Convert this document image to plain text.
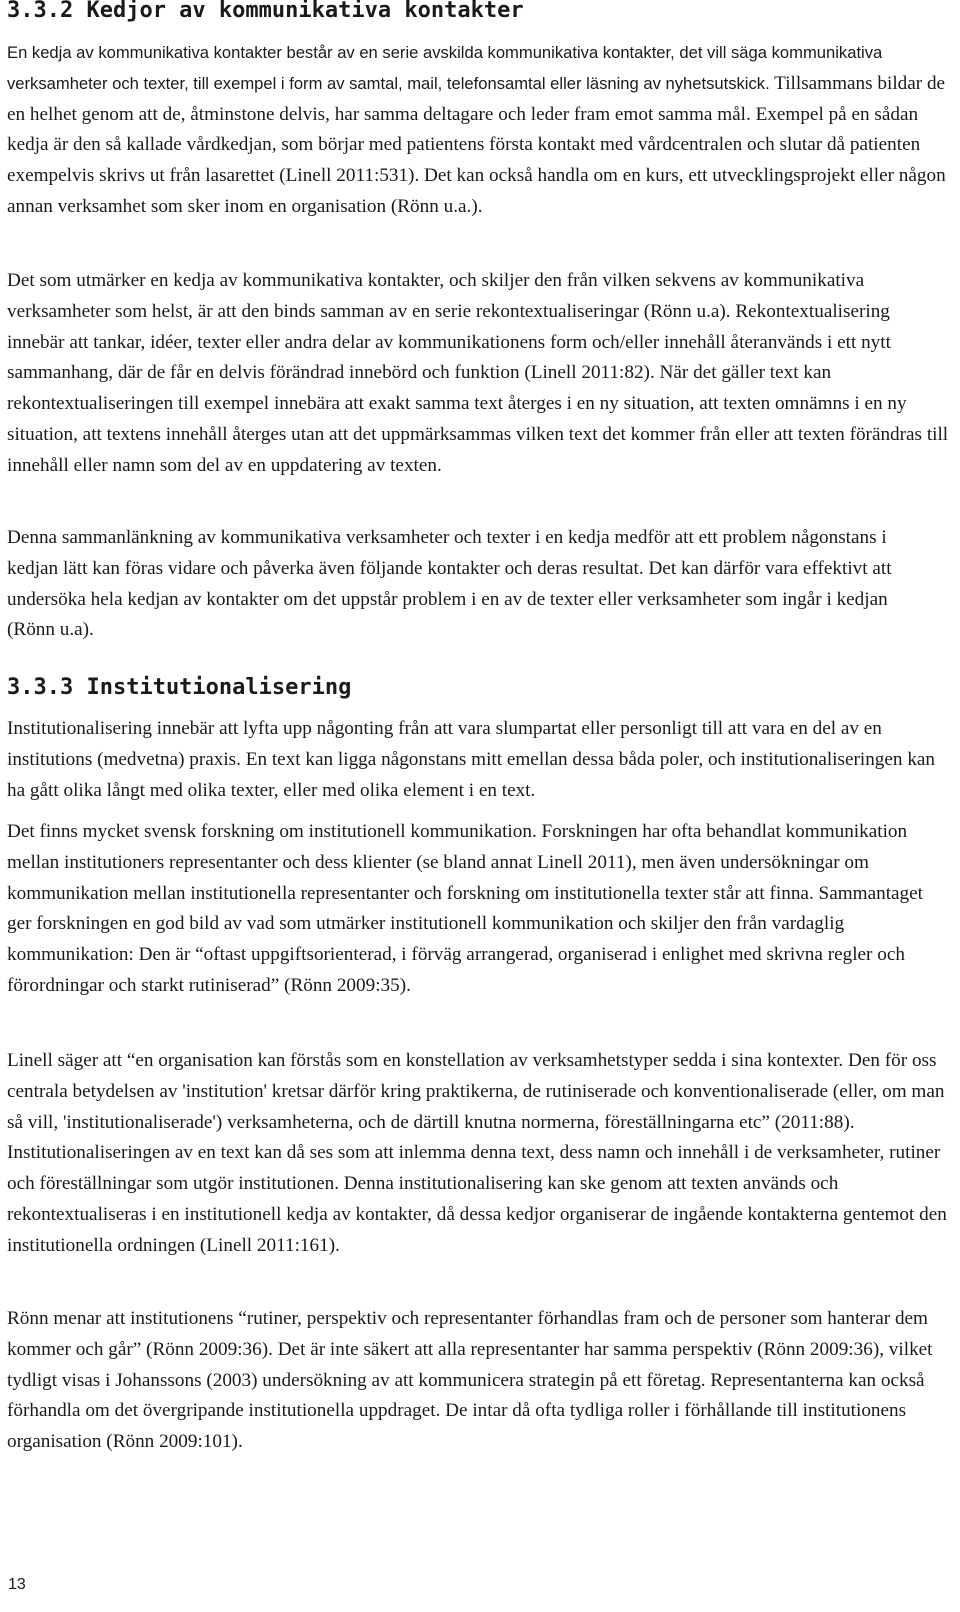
3.3.2 Kedjor av kommunikativa kontakter

En kedja av kommunikativa kontakter består av en serie avskilda kommunikativa kontakter, det vill säga kommunikativa verksamheter och texter, till exempel i form av samtal, mail, telefonsamtal eller läsning av nyhetsutskick. Tillsammans bildar de en helhet genom att de, åtminstone delvis, har samma deltagare och leder fram emot samma mål. Exempel på en sådan kedja är den så kallade vårdkedjan, som börjar med patientens första kontakt med vårdcentralen och slutar då patienten exempelvis skrivs ut från lasarettet (Linell 2011:531). Det kan också handla om en kurs, ett utvecklingsprojekt eller någon annan verksamhet som sker inom en organisation (Rönn u.a.).

Det som utmärker en kedja av kommunikativa kontakter, och skiljer den från vilken sekvens av kommunikativa verksamheter som helst, är att den binds samman av en serie rekontextualiseringar (Rönn u.a). Rekontextualisering innebär att tankar, idéer, texter eller andra delar av kommunikationens form och/eller innehåll återanvänds i ett nytt sammanhang, där de får en delvis förändrad innebörd och funktion (Linell 2011:82). När det gäller text kan rekontextualiseringen till exempel innebära att exakt samma text återges i en ny situation, att texten omnämns i en ny situation, att textens innehåll återges utan att det uppmärksammas vilken text det kommer från eller att texten förändras till innehåll eller namn som del av en uppdatering av texten.

Denna sammanlänkning av kommunikativa verksamheter och texter i en kedja medför att ett problem någonstans i kedjan lätt kan föras vidare och påverka även följande kontakter och deras resultat. Det kan därför vara effektivt att undersöka hela kedjan av kontakter om det uppstår problem i en av de texter eller verksamheter som ingår i kedjan (Rönn u.a).

3.3.3 Institutionalisering

Institutionalisering innebär att lyfta upp någonting från att vara slumpartat eller personligt till att vara en del av en institutions (medvetna) praxis. En text kan ligga någonstans mitt emellan dessa båda poler, och institutionaliseringen kan ha gått olika långt med olika texter, eller med olika element i en text.

Det finns mycket svensk forskning om institutionell kommunikation. Forskningen har ofta behandlat kommunikation mellan institutioners representanter och dess klienter (se bland annat Linell 2011), men även undersökningar om kommunikation mellan institutionella representanter och forskning om institutionella texter står att finna. Sammantaget ger forskningen en god bild av vad som utmärker institutionell kommunikation och skiljer den från vardaglig kommunikation: Den är “oftast uppgiftsorienterad, i förväg arrangerad, organiserad i enlighet med skrivna regler och förordningar och starkt rutiniserad” (Rönn 2009:35).

Linell säger att “en organisation kan förstås som en konstellation av verksamhetstyper sedda i sina kontexter. Den för oss centrala betydelsen av 'institution' kretsar därför kring praktikerna, de rutiniserade och konventionaliserade (eller, om man så vill, 'institutionaliserade') verksamheterna, och de därtill knutna normerna, föreställningarna etc” (2011:88). Institutionaliseringen av en text kan då ses som att inlemma denna text, dess namn och innehåll i de verksamheter, rutiner och föreställningar som utgör institutionen. Denna institutionalisering kan ske genom att texten används och rekontextualiseras i en institutionell kedja av kontakter, då dessa kedjor organiserar de ingående kontakterna gentemot den institutionella ordningen (Linell 2011:161).

Rönn menar att institutionens “rutiner, perspektiv och representanter förhandlas fram och de personer som hanterar dem kommer och går” (Rönn 2009:36). Det är inte säkert att alla representanter har samma perspektiv (Rönn 2009:36), vilket tydligt visas i Johanssons (2003) undersökning av att kommunicera strategin på ett företag. Representanterna kan också förhandla om det övergripande institutionella uppdraget. De intar då ofta tydliga roller i förhållande till institutionens organisation (Rönn 2009:101).

13
